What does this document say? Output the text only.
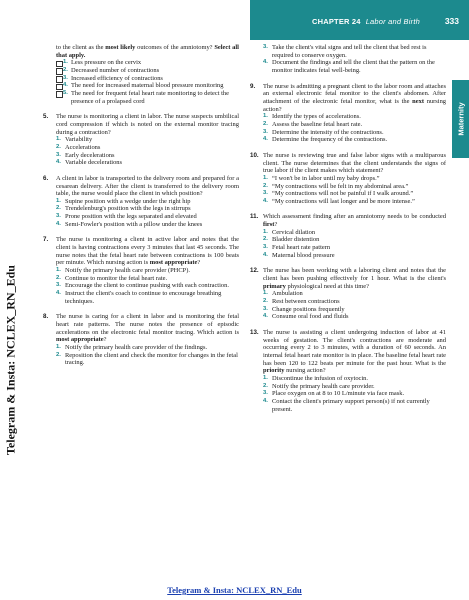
CHAPTER 24 Labor and Birth	333
Maternity
Telegram & Insta: NCLEX_RN_Edu
Telegram & Insta: NCLEX_RN_Edu

to the client as the most likely outcomes of the amniotomy? Select all that apply.

1. Less pressure on the cervix
2. Decreased number of contractions
3. Increased efficiency of contractions
4. The need for increased maternal blood pressure monitoring
5. The need for frequent fetal heart rate monitoring to detect the presence of a prolapsed cord
5. The nurse is monitoring a client in labor. The nurse suspects umbilical cord compression if which is noted on the external monitor tracing during a contraction?

1. Variability
2. Accelerations
3. Early decelerations
4. Variable decelerations
6. A client in labor is transported to the delivery room and prepared for a cesarean delivery. After the client is transferred to the delivery room table, the nurse would place the client in which position?

1. Supine position with a wedge under the right hip
2. Trendelenburg's position with the legs in stirrups
3. Prone position with the legs separated and elevated
4. Semi-Fowler's position with a pillow under the knees
7. The nurse is monitoring a client in active labor and notes that the client is having contractions every 3 minutes that last 45 seconds. The nurse notes that the fetal heart rate between contractions is 100 beats per minute. Which nursing action is most appropriate?

1. Notify the primary health care provider (PHCP).
2. Continue to monitor the fetal heart rate.
3. Encourage the client to continue pushing with each contraction.
4. Instruct the client's coach to continue to encourage breathing techniques.
8. The nurse is caring for a client in labor and is monitoring the fetal heart rate patterns. The nurse notes the presence of episodic accelerations on the electronic fetal monitor tracing. Which action is most appropriate?

1. Notify the primary health care provider of the findings.
2. Reposition the client and check the monitor for changes in the fetal tracing.
3. Take the client's vital signs and tell the client that bed rest is required to conserve oxygen.
4. Document the findings and tell the client that the pattern on the monitor indicates fetal well-being.
9. The nurse is admitting a pregnant client to the labor room and attaches an external electronic fetal monitor to the client's abdomen. After attachment of the electronic fetal monitor, what is the next nursing action?

1. Identify the types of accelerations.
2. Assess the baseline fetal heart rate.
3. Determine the intensity of the contractions.
4. Determine the frequency of the contractions.
10. The nurse is reviewing true and false labor signs with a multiparous client. The nurse determines that the client understands the signs of true labor if the client makes which statement?

1. “I won't be in labor until my baby drops.”
2. “My contractions will be felt in my abdominal area.”
3. “My contractions will not be painful if I walk around.”
4. “My contractions will last longer and be more intense.”
11. Which assessment finding after an amniotomy needs to be conducted first?

1. Cervical dilation
2. Bladder distention
3. Fetal heart rate pattern
4. Maternal blood pressure
12. The nurse has been working with a laboring client and notes that the client has been pushing effectively for 1 hour. What is the client's primary physiological need at this time?

1. Ambulation
2. Rest between contractions
3. Change positions frequently
4. Consume oral food and fluids
13. The nurse is assisting a client undergoing induction of labor at 41 weeks of gestation. The client's contractions are moderate and occurring every 2 to 3 minutes, with a duration of 60 seconds. An internal fetal heart rate monitor is in place. The baseline fetal heart rate has been 120 to 122 beats per minute for the past hour. What is the priority nursing action?

1. Discontinue the infusion of oxytocin.
2. Notify the primary health care provider.
3. Place oxygen on at 8 to 10 L/minute via face mask.
4. Contact the client's primary support person(s) if not currently present.
